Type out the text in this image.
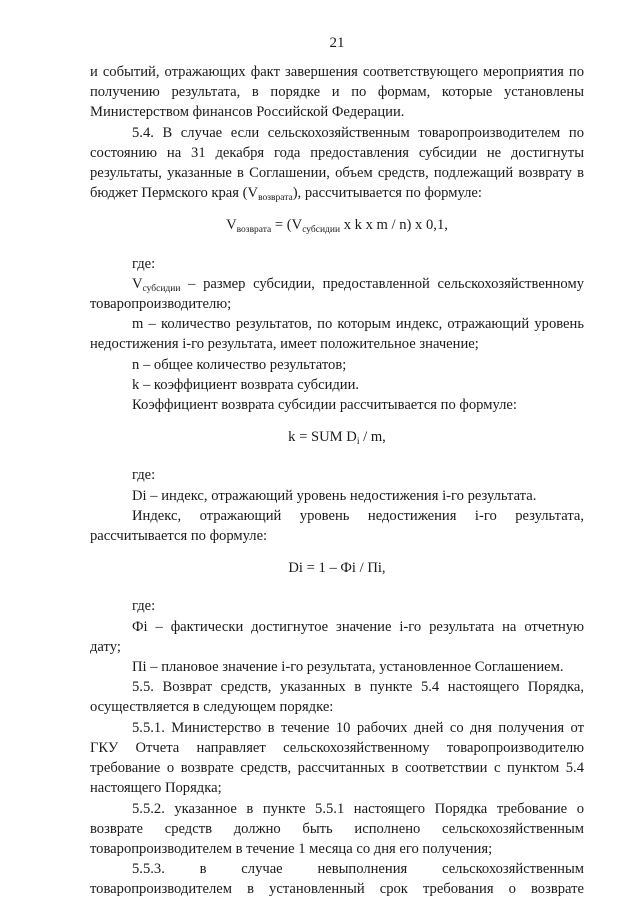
21

и событий, отражающих факт завершения соответствующего мероприятия по получению результата, в порядке и по формам, которые установлены Министерством финансов Российской Федерации.

5.4. В случае если сельскохозяйственным товаропроизводителем по состоянию на 31 декабря года предоставления субсидии не достигнуты результаты, указанные в Соглашении, объем средств, подлежащий возврату в бюджет Пермского края $(V_{возврата})$, рассчитывается по формуле:

$V_{возврата} = (V_{субсидии}$ x k x m / n) x 0,1,

где:

$V_{субсидии}$ – размер субсидии, предоставленной сельскохозяйственному товаропроизводителю;

m – количество результатов, по которым индекс, отражающий уровень недостижения i-го результата, имеет положительное значение;

n – общее количество результатов;

k – коэффициент возврата субсидии.

Коэффициент возврата субсидии рассчитывается по формуле:

k = SUM $D_i$ / m,

где:

Di – индекс, отражающий уровень недостижения i-го результата.

Индекс, отражающий уровень недостижения i-го результата, рассчитывается по формуле:

Di = 1 – Фi / Пi,

где:

Фi – фактически достигнутое значение i-го результата на отчетную дату;

Пi – плановое значение i-го результата, установленное Соглашением.

5.5. Возврат средств, указанных в пункте 5.4 настоящего Порядка, осуществляется в следующем порядке:

5.5.1. Министерство в течение 10 рабочих дней со дня получения от ГКУ Отчета направляет сельскохозяйственному товаропроизводителю требование о возврате средств, рассчитанных в соответствии с пунктом 5.4 настоящего Порядка;

5.5.2. указанное в пункте 5.5.1 настоящего Порядка требование о возврате средств должно быть исполнено сельскохозяйственным товаропроизводителем в течение 1 месяца со дня его получения;

5.5.3. в случае невыполнения сельскохозяйственным товаропроизводителем в установленный срок требования о возврате
